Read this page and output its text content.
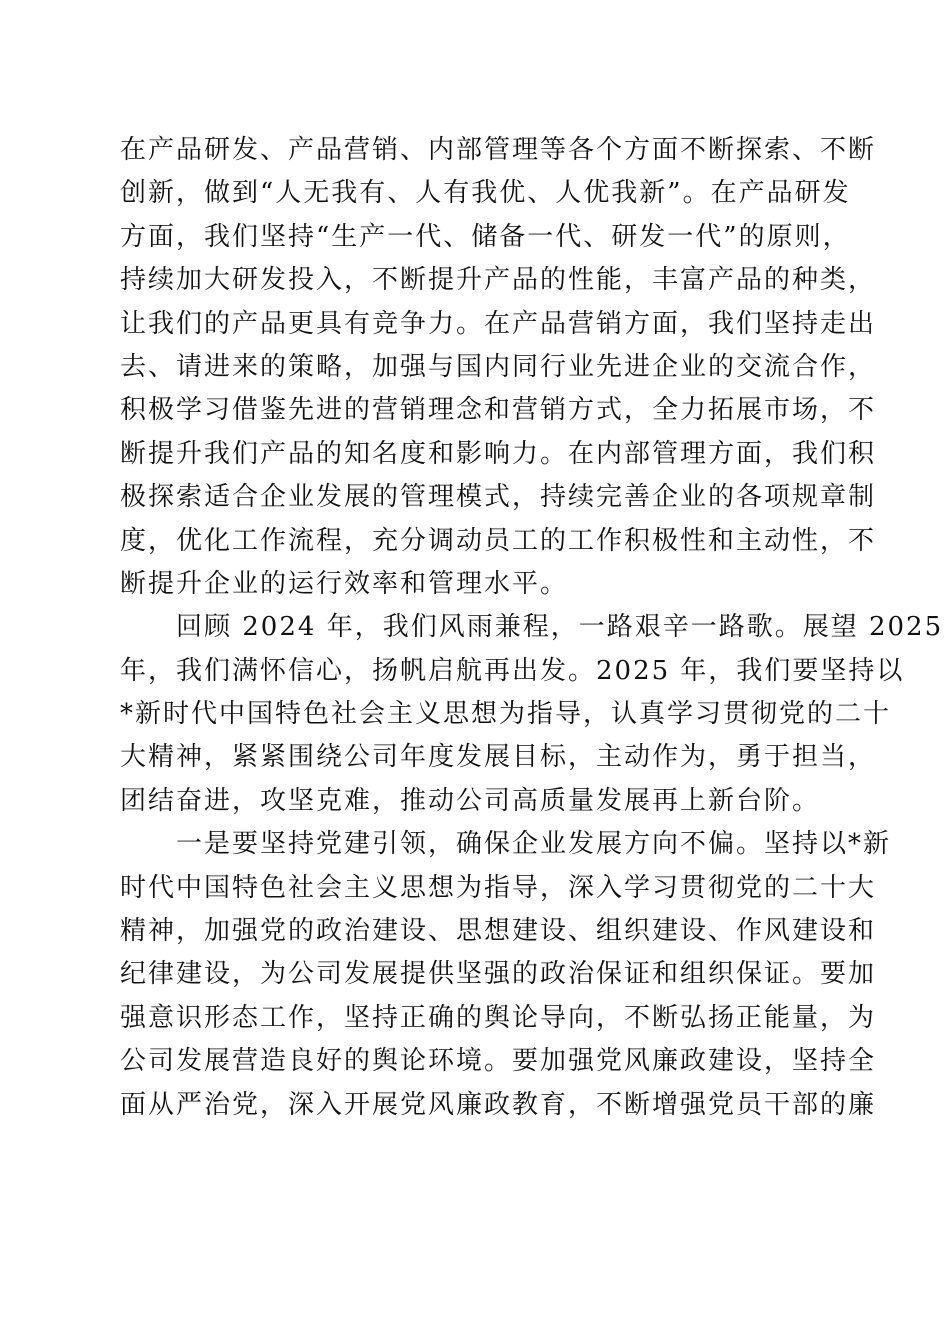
在产品研发、产品营销、内部管理等各个方面不断探索、不断
创新，做到“人无我有、人有我优、人优我新”。在产品研发
方面，我们坚持“生产一代、储备一代、研发一代”的原则，
持续加大研发投入，不断提升产品的性能，丰富产品的种类，
让我们的产品更具有竞争力。在产品营销方面，我们坚持走出
去、请进来的策略，加强与国内同行业先进企业的交流合作，
积极学习借鉴先进的营销理念和营销方式，全力拓展市场，不
断提升我们产品的知名度和影响力。在内部管理方面，我们积
极探索适合企业发展的管理模式，持续完善企业的各项规章制
度，优化工作流程，充分调动员工的工作积极性和主动性，不
断提升企业的运行效率和管理水平。
回顾 2024 年，我们风雨兼程，一路艰辛一路歌。展望 2025
年，我们满怀信心，扬帆启航再出发。2025 年，我们要坚持以
*新时代中国特色社会主义思想为指导，认真学习贯彻党的二十
大精神，紧紧围绕公司年度发展目标，主动作为，勇于担当，
团结奋进，攻坚克难，推动公司高质量发展再上新台阶。
一是要坚持党建引领，确保企业发展方向不偏。坚持以*新
时代中国特色社会主义思想为指导，深入学习贯彻党的二十大
精神，加强党的政治建设、思想建设、组织建设、作风建设和
纪律建设，为公司发展提供坚强的政治保证和组织保证。要加
强意识形态工作，坚持正确的舆论导向，不断弘扬正能量，为
公司发展营造良好的舆论环境。要加强党风廉政建设，坚持全
面从严治党，深入开展党风廉政教育，不断增强党员干部的廉
